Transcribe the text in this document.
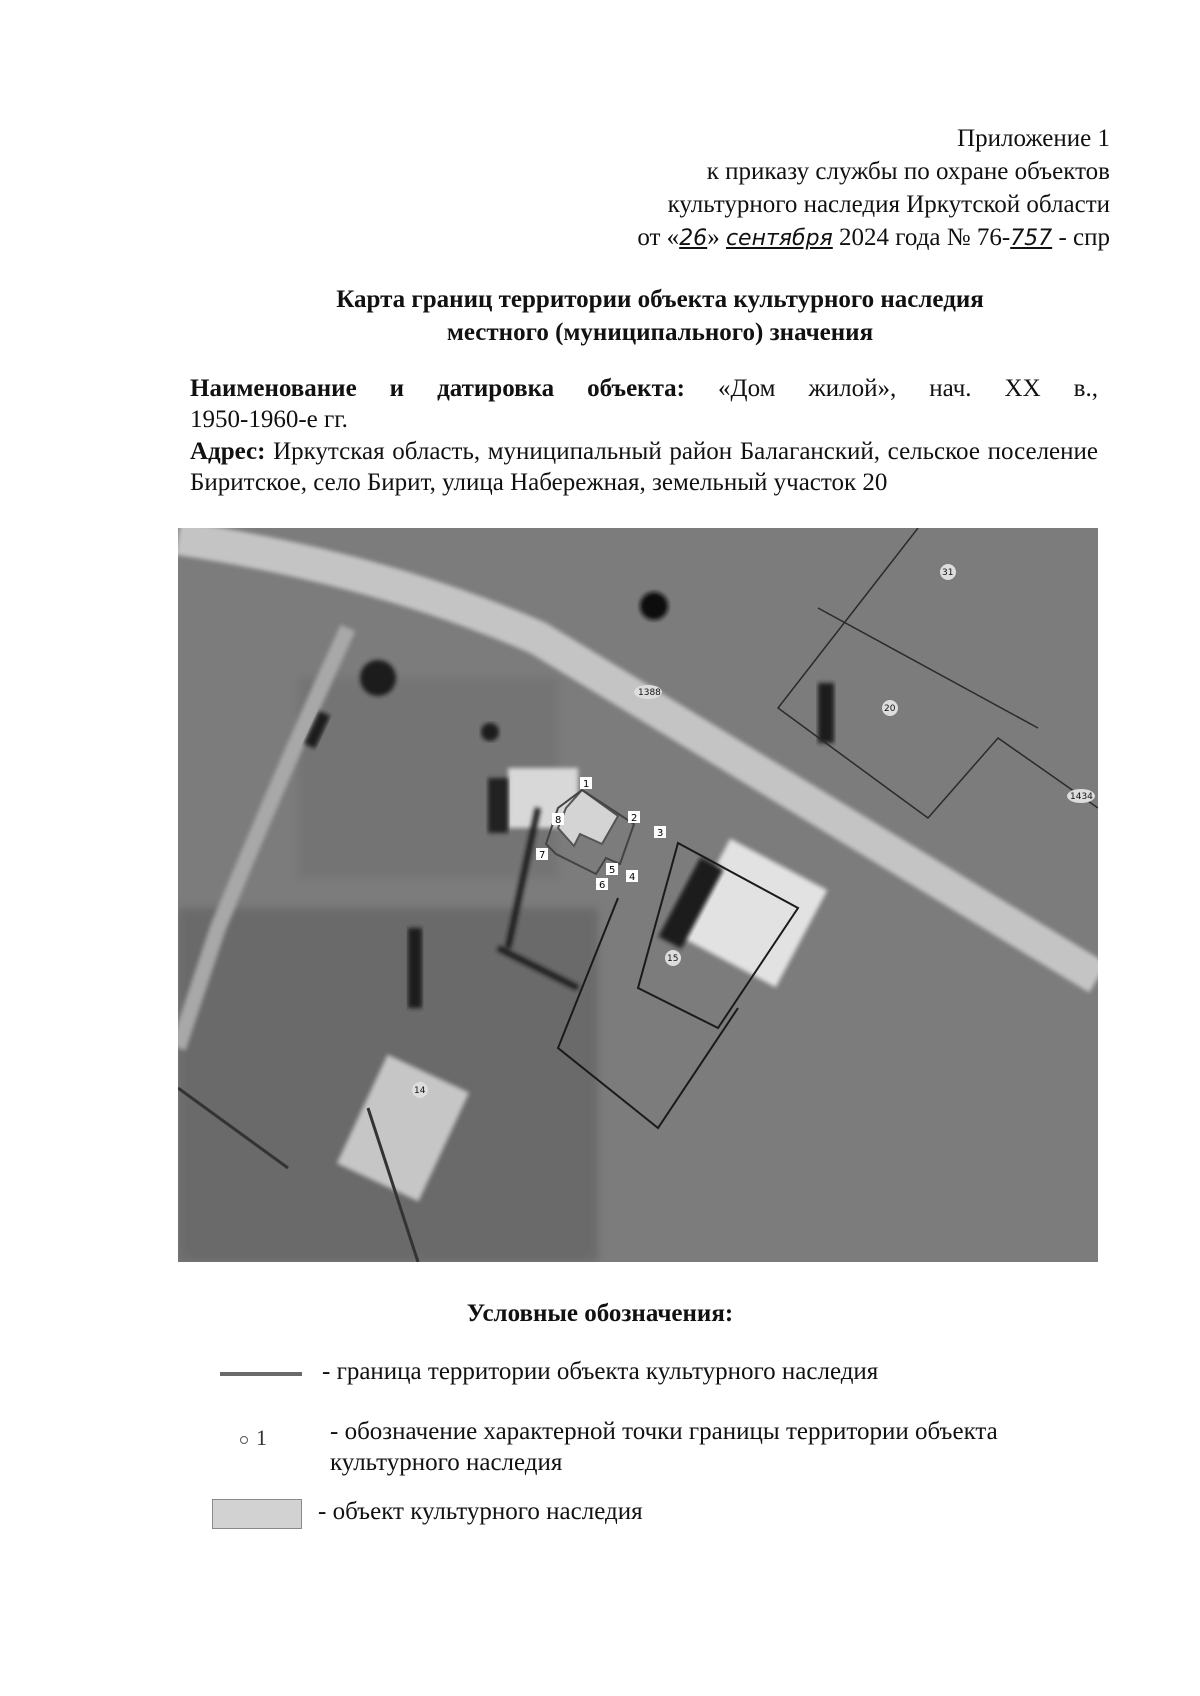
Приложение 1
к приказу службы по охране объектов
культурного наследия Иркутской области
от «26» сентября 2024 года № 76-757 - спр
Карта границ территории объекта культурного наследия
местного (муниципального) значения
Наименование и датировка объекта: «Дом жилой», нач. XX в.,
1950-1960-е гг.
Адрес: Иркутская область, муниципальный район Балаганский, сельское поселение Биритское, село Бирит, улица Набережная, земельный участок 20
1
2
3
4
5
6
7
8
31
20
1388
1434
15
14
Условные обозначения:
- граница территории объекта культурного наследия
1	- обозначение характерной точки границы территории объекта
культурного наследия
- объект культурного наследия
